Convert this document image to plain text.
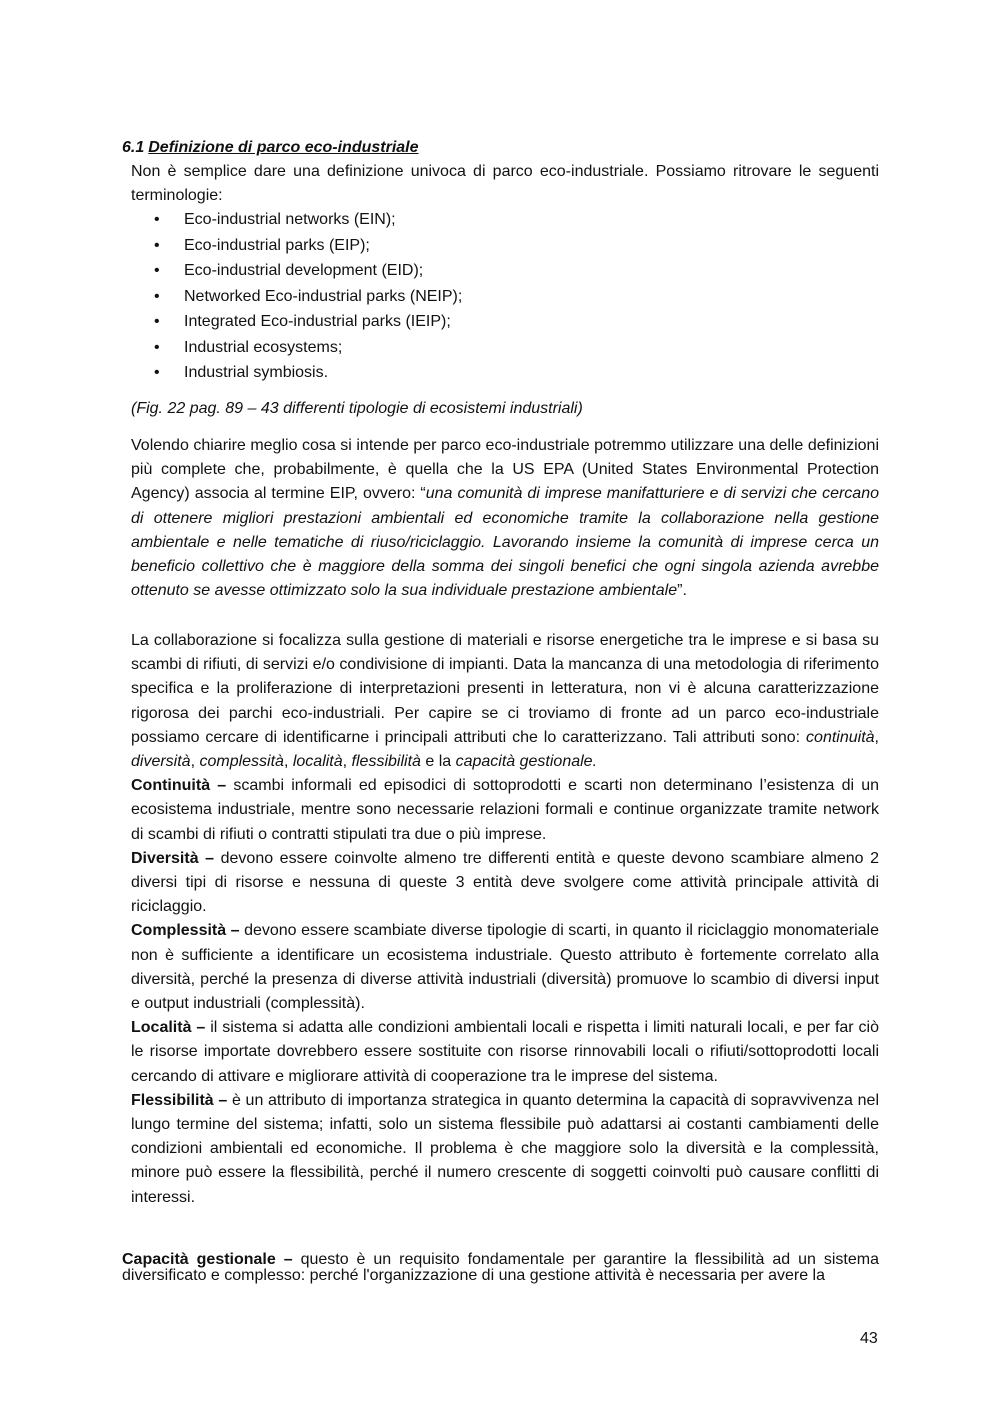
6.1 Definizione di parco eco-industriale
Non è semplice dare una definizione univoca di parco eco-industriale. Possiamo ritrovare le seguenti terminologie:
• Eco-industrial networks (EIN);
• Eco-industrial parks (EIP);
• Eco-industrial development (EID);
• Networked Eco-industrial parks (NEIP);
• Integrated Eco-industrial parks (IEIP);
• Industrial ecosystems;
• Industrial symbiosis.
(Fig. 22 pag. 89 – 43 differenti tipologie di ecosistemi industriali)
Volendo chiarire meglio cosa si intende per parco eco-industriale potremmo utilizzare una delle definizioni più complete che, probabilmente, è quella che la US EPA (United States Environmental Protection Agency) associa al termine EIP, ovvero: “una comunità di imprese manifatturiere e di servizi che cercano di ottenere migliori prestazioni ambientali ed economiche tramite la collaborazione nella gestione ambientale e nelle tematiche di riuso/riciclaggio. Lavorando insieme la comunità di imprese cerca un beneficio collettivo che è maggiore della somma dei singoli benefici che ogni singola azienda avrebbe ottenuto se avesse ottimizzato solo la sua individuale prestazione ambientale”.

La collaborazione si focalizza sulla gestione di materiali e risorse energetiche tra le imprese e si basa su scambi di rifiuti, di servizi e/o condivisione di impianti. Data la mancanza di una metodologia di riferimento specifica e la proliferazione di interpretazioni presenti in letteratura, non vi è alcuna caratterizzazione rigorosa dei parchi eco-industriali. Per capire se ci troviamo di fronte ad un parco eco-industriale possiamo cercare di identificarne i principali attributi che lo caratterizzano. Tali attributi sono: continuità, diversità, complessità, località, flessibilità e la capacità gestionale.

Continuità – scambi informali ed episodici di sottoprodotti e scarti non determinano l’esistenza di un ecosistema industriale, mentre sono necessarie relazioni formali e continue organizzate tramite network di scambi di rifiuti o contratti stipulati tra due o più imprese.

Diversità – devono essere coinvolte almeno tre differenti entità e queste devono scambiare almeno 2 diversi tipi di risorse e nessuna di queste 3 entità deve svolgere come attività principale attività di riciclaggio.

Complessità – devono essere scambiate diverse tipologie di scarti, in quanto il riciclaggio monomateriale non è sufficiente a identificare un ecosistema industriale. Questo attributo è fortemente correlato alla diversità, perché la presenza di diverse attività industriali (diversità) promuove lo scambio di diversi input e output industriali (complessità).

Località – il sistema si adatta alle condizioni ambientali locali e rispetta i limiti naturali locali, e per far ciò le risorse importate dovrebbero essere sostituite con risorse rinnovabili locali o rifiuti/sottoprodotti locali cercando di attivare e migliorare attività di cooperazione tra le imprese del sistema.

Flessibilità – è un attributo di importanza strategica in quanto determina la capacità di sopravvivenza nel lungo termine del sistema; infatti, solo un sistema flessibile può adattarsi ai costanti cambiamenti delle condizioni ambientali ed economiche. Il problema è che maggiore solo la diversità e la complessità, minore può essere la flessibilità, perché il numero crescente di soggetti coinvolti può causare conflitti di interessi.

Capacità gestionale – questo è un requisito fondamentale per garantire la flessibilità ad un sistema diversificato e complesso: perché l'organizzazione di una gestione attività è necessaria per avere la
43
